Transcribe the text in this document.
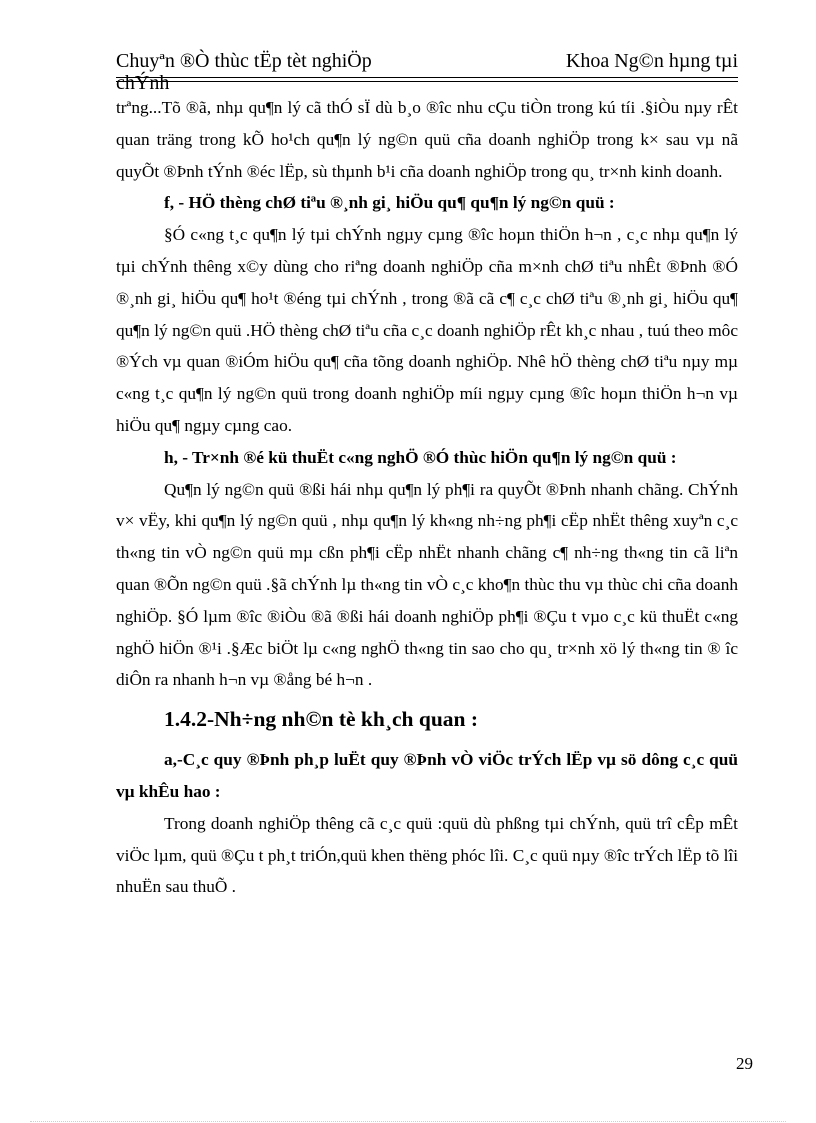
Chuyªn ®Ò thùc tËp tèt nghiÖp
chÝnh
Khoa Ng©n hµng tµi

trªng...Tõ ®ã, nhµ qu¶n lý cã thÓ sÏ dù b¸o ®îc nhu cÇu tiÒn trong kú tíi .§iÒu nµy rÊt quan träng trong kÕ ho¹ch qu¶n lý ng©n quü cña doanh nghiÖp trong k× sau vµ nã quyÕt ®Þnh tÝnh ®éc lËp, sù thµnh b¹i cña doanh nghiÖp trong qu¸ tr×nh kinh doanh.

f, - HÖ thèng chØ tiªu ®¸nh gi¸ hiÖu qu¶ qu¶n lý ng©n quü :

§Ó c«ng t¸c qu¶n lý tµi chÝnh ngµy cµng ®îc hoµn thiÖn h¬n , c¸c nhµ qu¶n lý tµi chÝnh thêng x©y dùng cho riªng doanh nghiÖp cña m×nh chØ tiªu nhÊt ®Þnh ®Ó ®¸nh gi¸ hiÖu qu¶ ho¹t ®éng tµi chÝnh , trong ®ã cã c¶ c¸c chØ tiªu ®¸nh gi¸ hiÖu qu¶ qu¶n lý ng©n quü .HÖ thèng chØ tiªu cña c¸c doanh nghiÖp rÊt kh¸c nhau , tuú theo môc ®Ých vµ quan ®iÓm hiÖu qu¶ cña tõng doanh nghiÖp. Nhê hÖ thèng chØ tiªu nµy mµ c«ng t¸c qu¶n lý ng©n quü trong doanh nghiÖp míi ngµy cµng ®îc hoµn thiÖn h¬n vµ hiÖu qu¶ ngµy cµng cao.

h, - Tr×nh ®é kü thuËt c«ng nghÖ ®Ó thùc hiÖn qu¶n lý ng©n quü :

Qu¶n lý ng©n quü ®ßi hái nhµ qu¶n lý ph¶i ra quyÕt ®Þnh nhanh chãng. ChÝnh v× vËy, khi qu¶n lý ng©n quü , nhµ qu¶n lý kh«ng nh÷ng ph¶i cËp nhËt thêng xuyªn c¸c th«ng tin vÒ ng©n quü mµ cßn ph¶i cËp nhËt nhanh chãng c¶ nh÷ng th«ng tin cã liªn quan ®Õn ng©n quü .§ã chÝnh lµ th«ng tin vÒ c¸c kho¶n thùc thu vµ thùc chi cña doanh nghiÖp. §Ó lµm ®îc ®iÒu ®ã ®ßi hái doanh nghiÖp ph¶i ®Çu t vµo c¸c kü thuËt c«ng nghÖ hiÖn ®¹i .§Æc biÖt lµ c«ng nghÖ th«ng tin sao cho qu¸ tr×nh xö lý th«ng tin ® îc diÔn ra nhanh h¬n vµ ®ång bé h¬n .

1.4.2-Nh÷ng nh©n tè kh¸ch quan :

a,-C¸c quy ®Þnh ph¸p luËt quy ®Þnh vÒ viÖc trÝch lËp vµ sö dông c¸c quü vµ khÊu hao :

Trong doanh nghiÖp thêng cã c¸c quü :quü dù phßng tµi chÝnh, quü trî cÊp mÊt viÖc lµm, quü ®Çu t ph¸t triÓn,quü khen thëng phóc lîi. C¸c quü nµy ®îc trÝch lËp tõ lîi nhuËn sau thuÕ .

29
